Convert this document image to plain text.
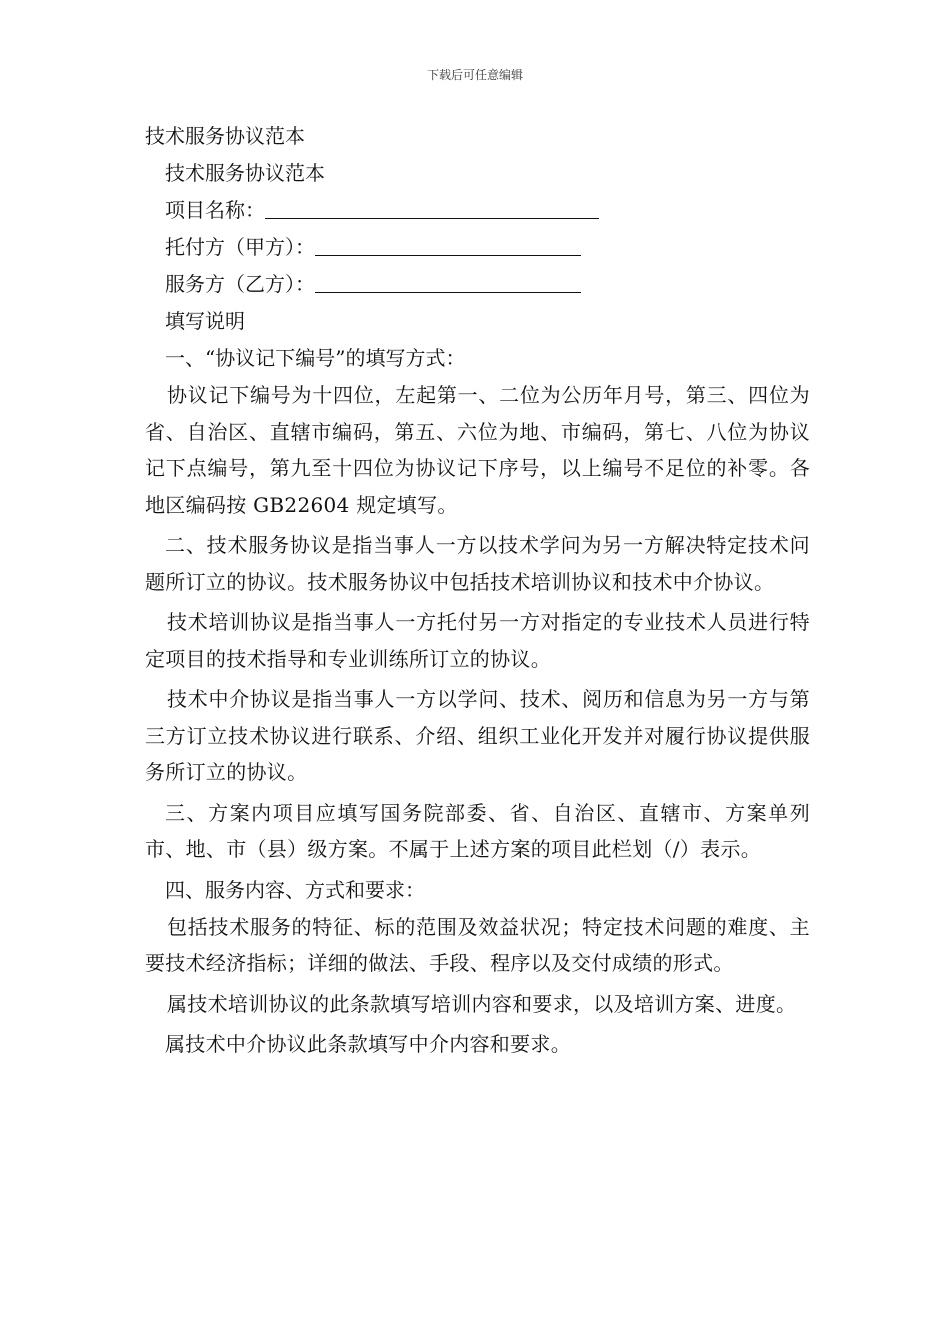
下载后可任意编辑
技术服务协议范本
技术服务协议范本
项目名称：
托付方（甲方）：
服务方（乙方）：
填写说明
一、“协议记下编号”的填写方式：

协议记下编号为十四位，左起第一、二位为公历年月号，第三、四位为省、自治区、直辖市编码，第五、六位为地、市编码，第七、八位为协议记下点编号，第九至十四位为协议记下序号，以上编号不足位的补零。各地区编码按 GB22604 规定填写。

二、技术服务协议是指当事人一方以技术学问为另一方解决特定技术问题所订立的协议。技术服务协议中包括技术培训协议和技术中介协议。

技术培训协议是指当事人一方托付另一方对指定的专业技术人员进行特定项目的技术指导和专业训练所订立的协议。

技术中介协议是指当事人一方以学问、技术、阅历和信息为另一方与第三方订立技术协议进行联系、介绍、组织工业化开发并对履行协议提供服务所订立的协议。

三、方案内项目应填写国务院部委、省、自治区、直辖市、方案单列市、地、市（县）级方案。不属于上述方案的项目此栏划（/）表示。

四、服务内容、方式和要求：

包括技术服务的特征、标的范围及效益状况；特定技术问题的难度、主要技术经济指标；详细的做法、手段、程序以及交付成绩的形式。

属技术培训协议的此条款填写培训内容和要求，以及培训方案、进度。

属技术中介协议此条款填写中介内容和要求。
